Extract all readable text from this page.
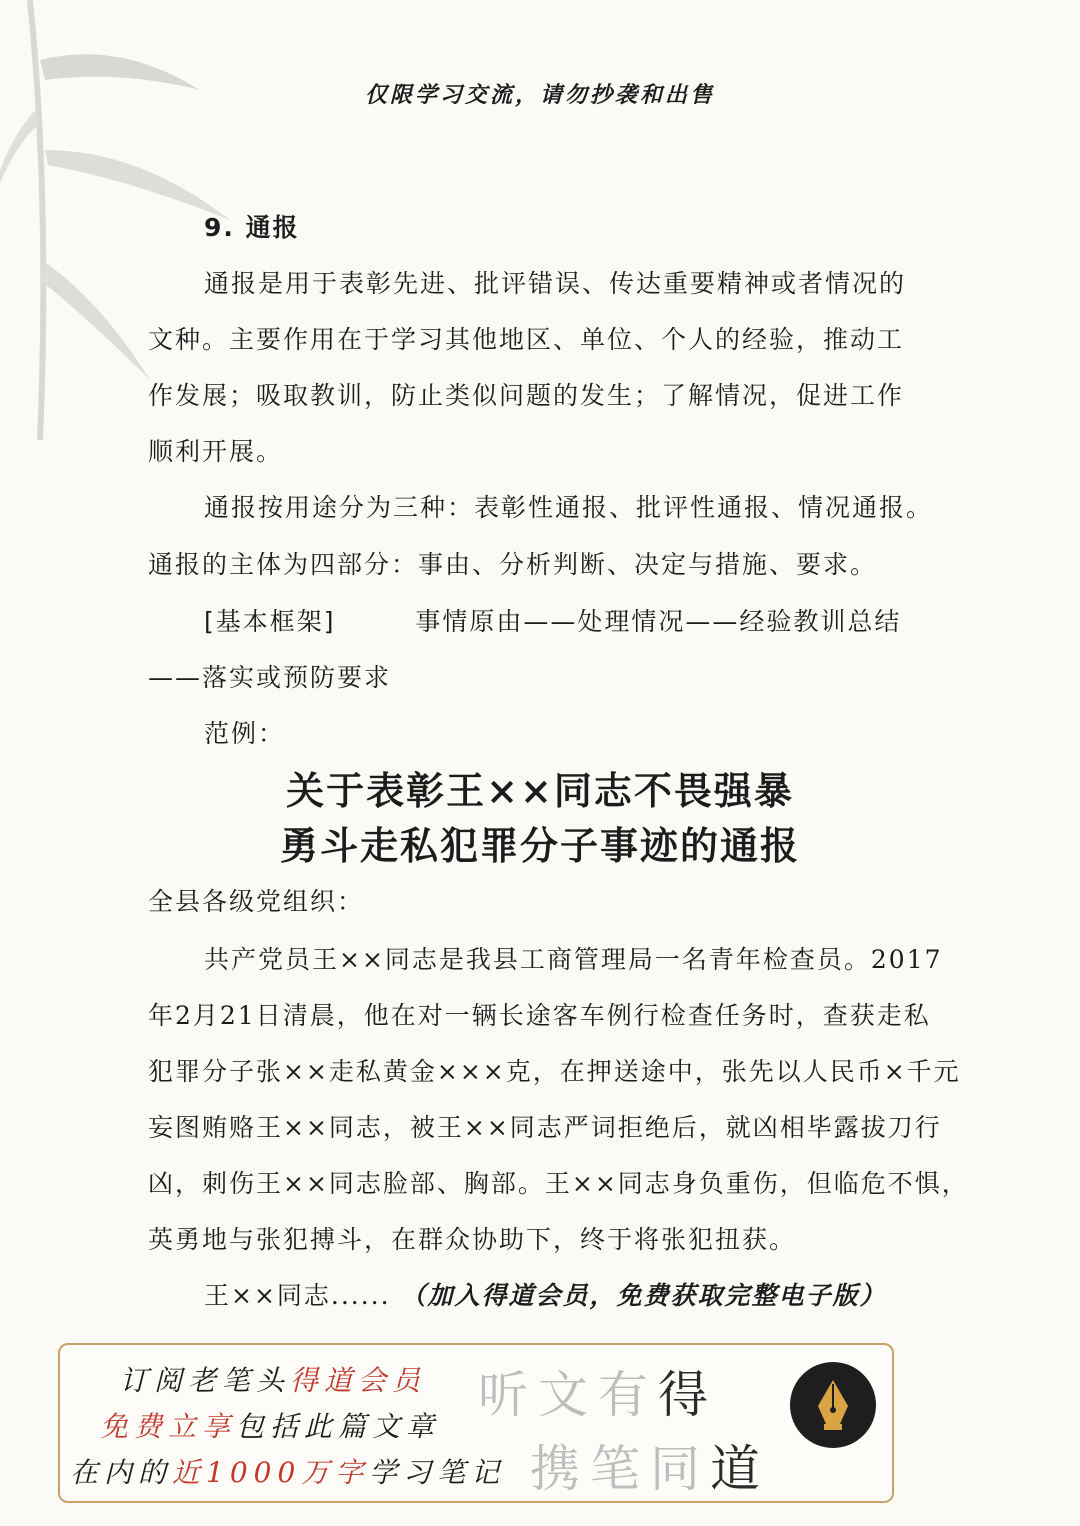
仅限学习交流，请勿抄袭和出售
9. 通报
通报是用于表彰先进、批评错误、传达重要精神或者情况的
文种。主要作用在于学习其他地区、单位、个人的经验，推动工
作发展；吸取教训，防止类似问题的发生；了解情况，促进工作
顺利开展。
通报按用途分为三种：表彰性通报、批评性通报、情况通报。
通报的主体为四部分：事由、分析判断、决定与措施、要求。
[基本框架]	事情原由——处理情况——经验教训总结
——落实或预防要求
范例：
关于表彰王××同志不畏强暴
勇斗走私犯罪分子事迹的通报
全县各级党组织：
共产党员王××同志是我县工商管理局一名青年检查员。2017
年2月21日清晨，他在对一辆长途客车例行检查任务时，查获走私
犯罪分子张××走私黄金×××克，在押送途中，张先以人民币×千元
妄图贿赂王××同志，被王××同志严词拒绝后，就凶相毕露拔刀行
凶，刺伤王××同志脸部、胸部。王××同志身负重伤，但临危不惧，
英勇地与张犯搏斗，在群众协助下，终于将张犯扭获。
王××同志...... （加入得道会员，免费获取完整电子版）
订阅老笔头得道会员
免费立享包括此篇文章
在内的近1000万字学习笔记
听文有得
携笔同道
